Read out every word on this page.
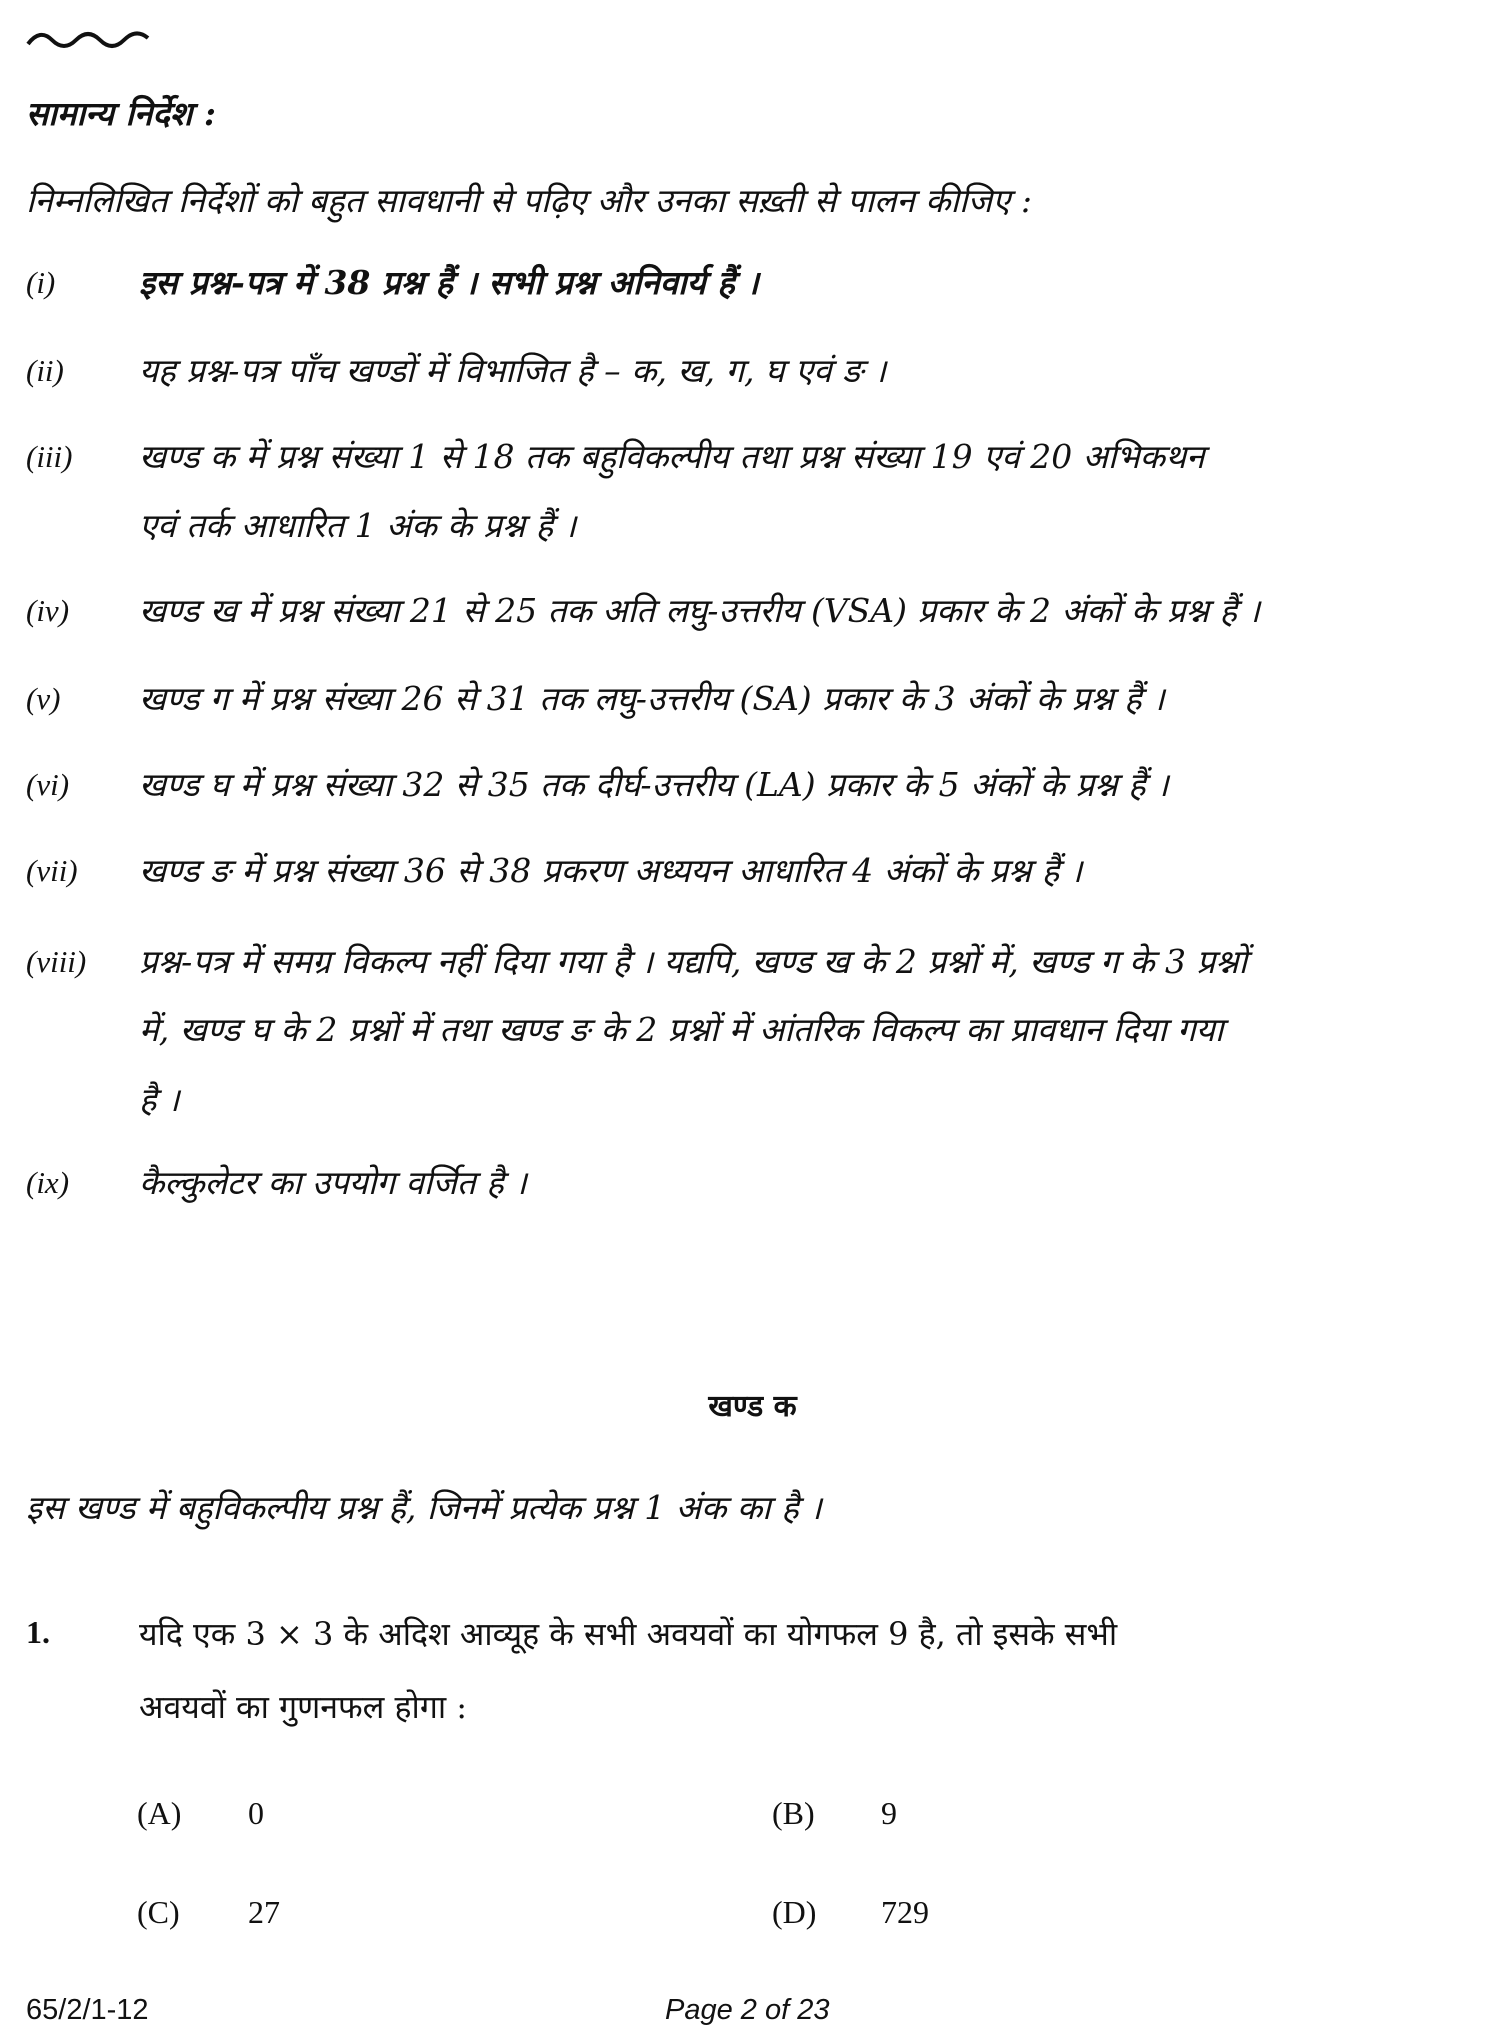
सामान्य निर्देश :
निम्नलिखित निर्देशों को बहुत सावधानी से पढ़िए और उनका सख़्ती से पालन कीजिए :
(i)	इस प्रश्न-पत्र में 38 प्रश्न हैं । सभी प्रश्न अनिवार्य हैं ।
(ii) यह प्रश्न-पत्र पाँच खण्डों में विभाजित है – क, ख, ग, घ एवं ङ ।
(iii) खण्ड क में प्रश्न संख्या 1 से 18 तक बहुविकल्पीय तथा प्रश्न संख्या 19 एवं 20 अभिकथन
एवं तर्क आधारित 1 अंक के प्रश्न हैं ।
(iv) खण्ड ख में प्रश्न संख्या 21 से 25 तक अति लघु-उत्तरीय (VSA) प्रकार के 2 अंकों के प्रश्न हैं ।
(v) खण्ड ग में प्रश्न संख्या 26 से 31 तक लघु-उत्तरीय (SA) प्रकार के 3 अंकों के प्रश्न हैं ।
(vi) खण्ड घ में प्रश्न संख्या 32 से 35 तक दीर्घ-उत्तरीय (LA) प्रकार के 5 अंकों के प्रश्न हैं ।
(vii) खण्ड ङ में प्रश्न संख्या 36 से 38 प्रकरण अध्ययन आधारित 4 अंकों के प्रश्न हैं ।
(viii) प्रश्न-पत्र में समग्र विकल्प नहीं दिया गया है । यद्यपि, खण्ड ख के 2 प्रश्नों में, खण्ड ग के 3 प्रश्नों
में, खण्ड घ के 2 प्रश्नों में तथा खण्ड ङ के 2 प्रश्नों में आंतरिक विकल्प का प्रावधान दिया गया
है ।
(ix) कैल्कुलेटर का उपयोग वर्जित है ।
खण्ड क
इस खण्ड में बहुविकल्पीय प्रश्न हैं, जिनमें प्रत्येक प्रश्न 1 अंक का है ।
1.	यदि एक 3 × 3 के अदिश आव्यूह के सभी अवयवों का योगफल 9 है, तो इसके सभी
अवयवों का गुणनफल होगा :
(A) 0	(B) 9
(C) 27	(D) 729
65/2/1-12	Page 2 of 23
